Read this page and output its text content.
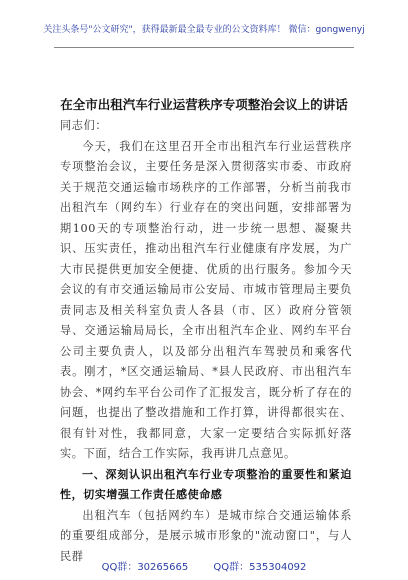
关注头条号"公文研究"，获得最新最全最专业的公文资料库！ 微信：gongwenyj
在全市出租汽车行业运营秩序专项整治会议上的讲话

同志们：

今天，我们在这里召开全市出租汽车行业运营秩序专项整治会议，主要任务是深入贯彻落实市委、市政府关于规范交通运输市场秩序的工作部署，分析当前我市出租汽车（网约车）行业存在的突出问题，安排部署为期100天的专项整治行动，进一步统一思想、凝聚共识、压实责任，推动出租汽车行业健康有序发展，为广大市民提供更加安全便捷、优质的出行服务。参加今天会议的有市交通运输局市公安局、市城市管理局主要负责同志及相关科室负责人各县（市、区）政府分管领导、交通运输局局长，全市出租汽车企业、网约车平台公司主要负责人，以及部分出租汽车驾驶员和乘客代表。刚才，*区交通运输局、*县人民政府、市出租汽车协会、*网约车平台公司作了汇报发言，既分析了存在的问题，也提出了整改措施和工作打算，讲得都很实在、很有针对性，我都同意，大家一定要结合实际抓好落实。下面，结合工作实际，我再讲几点意见。

一、深刻认识出租汽车行业专项整治的重要性和紧迫性，切实增强工作责任感使命感

出租汽车（包括网约车）是城市综合交通运输体系的重要组成部分，是展示城市形象的"流动窗口"，与人民群

QQ群：30265665	QQ群：535304092
